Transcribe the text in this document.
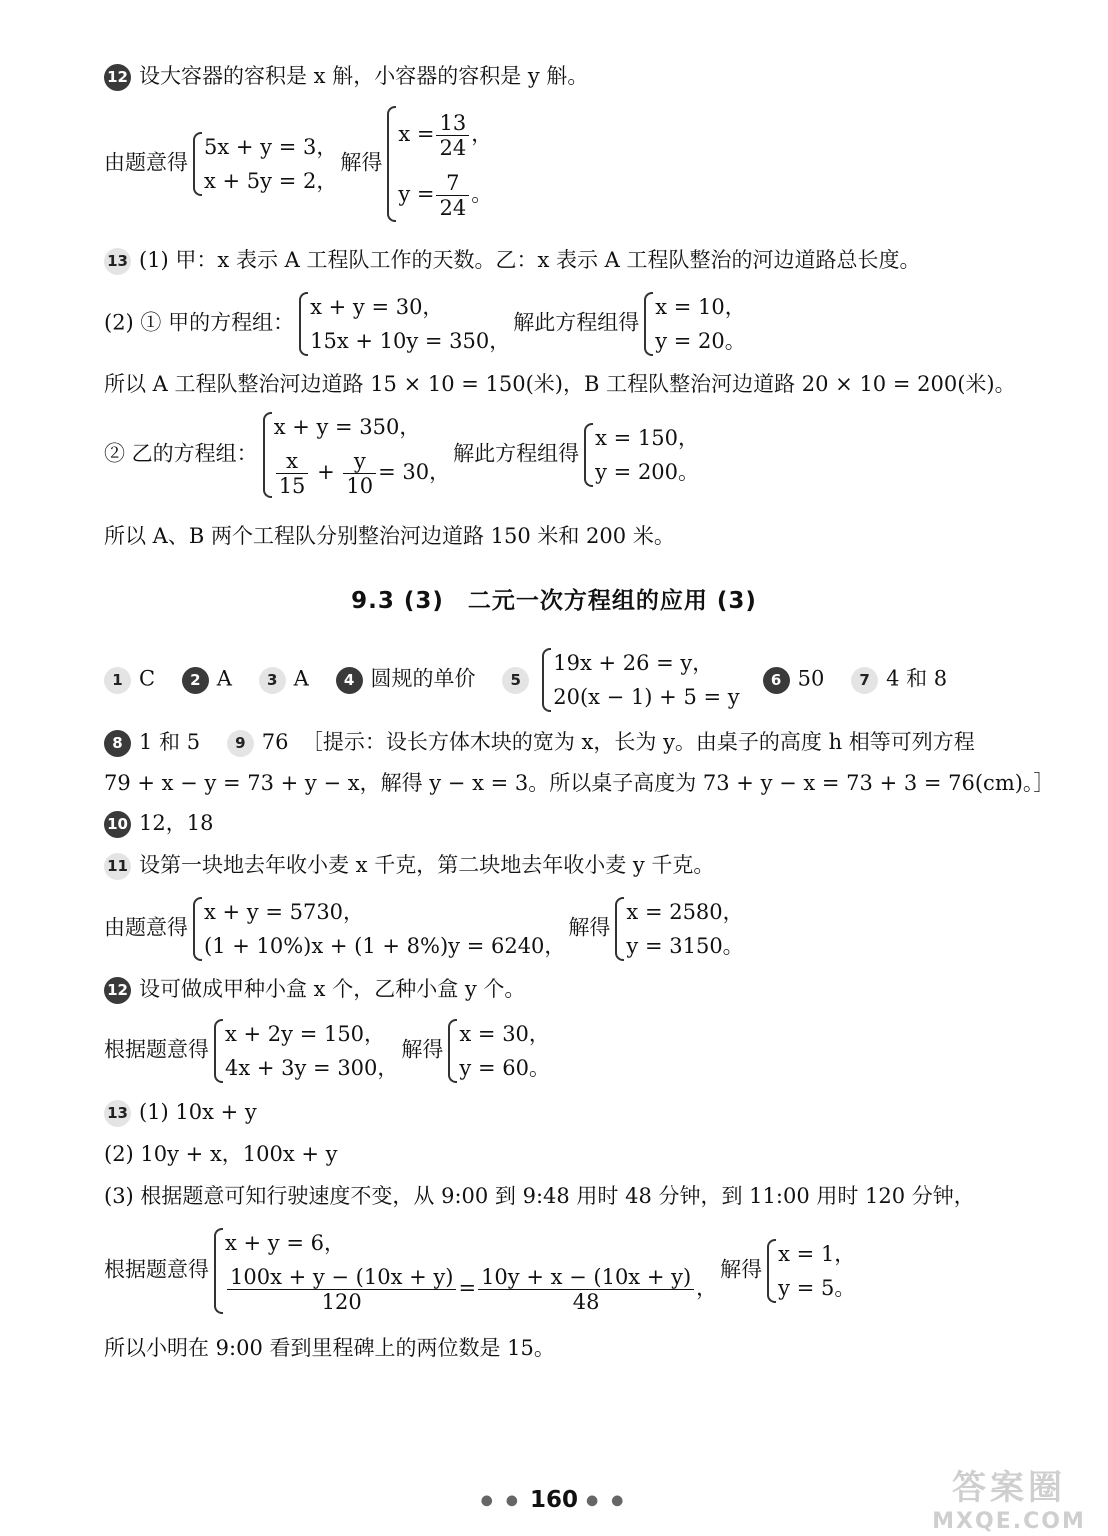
12 设大容器的容积是 x 斛，小容器的容积是 y 斛。
由题意得
5x + y = 3，
x + 5y = 2，
解得
$x = \frac{13}{24}$ ，
$y = \frac{7}{24}$ 。
13 (1) 甲：x 表示 A 工程队工作的天数。乙：x 表示 A 工程队整治的河边道路总长度。
(2) ① 甲的方程组：
x + y = 30，
15x + 10y = 350，
解此方程组得
x = 10，
y = 20。
所以 A 工程队整治河边道路 15 × 10 = 150(米)，B 工程队整治河边道路 20 × 10 = 200(米)。
② 乙的方程组：
x + y = 350，
$\frac{x}{15} + \frac{y}{10} = 30$，
解此方程组得
x = 150，
y = 200。
所以 A、B 两个工程队分别整治河边道路 150 米和 200 米。
9.3 (3)　二元一次方程组的应用 (3)
1 C 2 A 3 A 4 圆规的单价 5
19x + 26 = y，
20(x − 1) + 5 = y
6 50 7 4 和 8
8 1 和 5 9 76 ［提示：设长方体木块的宽为 x，长为 y。由桌子的高度 h 相等可列方程
79 + x − y = 73 + y − x，解得 y − x = 3。所以桌子高度为 73 + y − x = 73 + 3 = 76(cm)。］
10 12，18
11 设第一块地去年收小麦 x 千克，第二块地去年收小麦 y 千克。
由题意得
x + y = 5730，
(1 + 10%)x + (1 + 8%)y = 6240，
解得
x = 2580，
y = 3150。
12 设可做成甲种小盒 x 个，乙种小盒 y 个。
根据题意得
x + 2y = 150，
4x + 3y = 300，
解得
x = 30，
y = 60。
13 (1) 10x + y
(2) 10y + x，100x + y
(3) 根据题意可知行驶速度不变，从 9:00 到 9:48 用时 48 分钟，到 11:00 用时 120 分钟，
根据题意得
x + y = 6，
$\frac{100x + y - (10x + y)}{120} = \frac{10y + x - (10x + y)}{48}$ ，
解得
x = 1，
y = 5。
所以小明在 9:00 看到里程碑上的两位数是 15。
● ● 160 ● ●	答案圈
MXQE.COM
